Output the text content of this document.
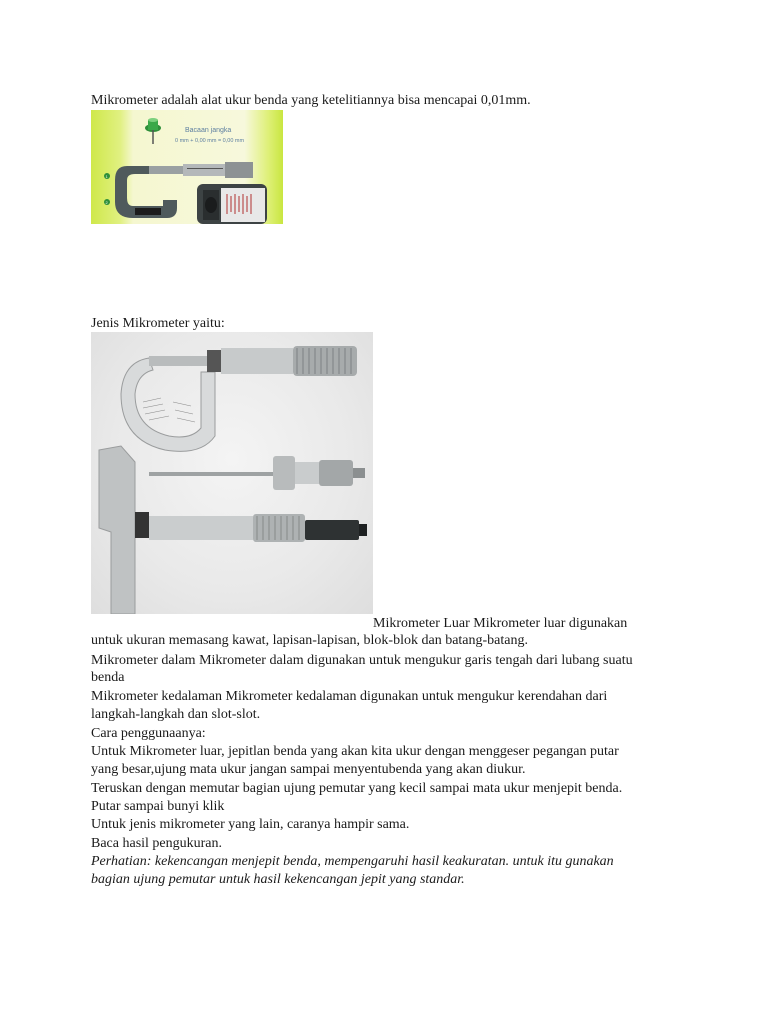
Mikrometer adalah alat ukur benda yang ketelitiannya bisa mencapai 0,01mm.
Bacaan jangka
0 mm + 0,00 mm = 0,00 mm
1
2
Jenis Mikrometer yaitu:
Mikrometer Luar Mikrometer luar digunakan
untuk ukuran memasang kawat, lapisan-lapisan, blok-blok dan batang-batang.
Mikrometer dalam Mikrometer dalam digunakan untuk mengukur garis tengah dari lubang suatu
benda
Mikrometer kedalaman Mikrometer kedalaman digunakan untuk mengukur kerendahan dari
langkah-langkah dan slot-slot.
Cara penggunaanya:
Untuk Mikrometer luar, jepitlan benda yang akan kita ukur dengan menggeser pegangan putar
yang besar,ujung mata ukur jangan sampai menyentubenda yang akan diukur.
Teruskan dengan memutar bagian ujung pemutar yang kecil sampai mata ukur menjepit benda.
Putar sampai bunyi klik
Untuk jenis mikrometer yang lain, caranya hampir sama.
Baca hasil pengukuran.
Perhatian: kekencangan menjepit benda, mempengaruhi hasil keakuratan. untuk itu gunakan
bagian ujung pemutar untuk hasil kekencangan jepit yang standar.
